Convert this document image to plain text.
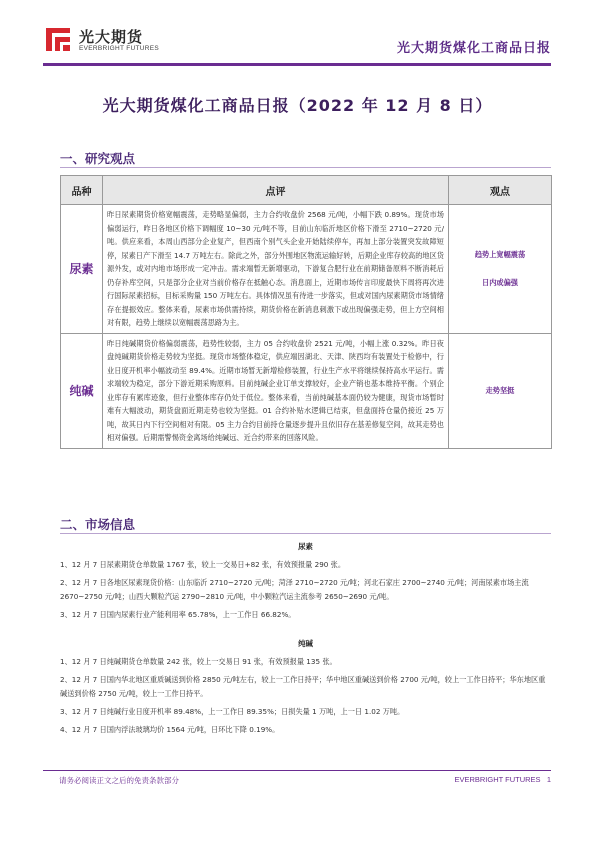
光大期货
EVERBRIGHT FUTURES	光大期货煤化工商品日报
光大期货煤化工商品日报（2022 年 12 月 8 日）
一、研究观点
品种	点评	观点
尿素	昨日尿素期货价格宽幅震荡，走势略显偏弱，主力合约收盘价 2568 元/吨，小幅下跌 0.89%。现货市场偏弱运行，昨日各地区价格下调幅度 10~30 元/吨不等，目前山东临沂地区价格下滑至 2710~2720 元/吨。供应来看，本周山西部分企业复产，但西南个别气头企业开始陆续停车，再加上部分装置突发故障短停，尿素日产下滑至 14.7 万吨左右。除此之外，部分外围地区物流运输好转，后期企业库存较高的地区货源外发，或对内地市场形成一定冲击。需求端暂无新增驱动，下游复合肥行业在前期储备原料不断消耗后仍存补库空间，只是部分企业对当前价格存在抵触心态。消息面上，近期市场传言印度最快下周将再次进行国际尿素招标，目标采购量 150 万吨左右。具体情况虽有待进一步落实，但或对国内尿素期货市场情绪存在提振效应。整体来看，尿素市场供需持续，期货价格在新消息刺激下或出现偏强走势，但上方空间相对有限，趋势上继续以宽幅震荡思路为主。	趋势上宽幅震荡
日内或偏强

纯碱	昨日纯碱期货价格偏弱震荡，趋势性较弱，主力 05 合约收盘价 2521 元/吨，小幅上涨 0.32%。昨日夜盘纯碱期货价格走势较为坚挺。现货市场整体稳定，供应端因湖北、天津、陕西均有装置处于检修中，行业日度开机率小幅波动至 89.4%。近期市场暂无新增检修装置，行业生产水平将继续保持高水平运行。需求端较为稳定，部分下游近期采购原料。目前纯碱企业订单支撑较好，企业产销也基本维持平衡。个别企业库存有累库迹象，但行业整体库存仍处于低位。整体来看，当前纯碱基本面仍较为健康，现货市场暂时难有大幅波动，期货盘面近期走势也较为坚挺。01 合约补贴水逻辑已结束，但盘面持仓量仍接近 25 万吨，故其日内下行空间相对有限。05 主力合约目前持仓量逐步提升且依旧存在基差修复空间，故其走势也相对偏强。后期需警惕资金离场给纯碱远、近合约带来的回落风险。	走势坚挺
二、市场信息
尿素
1、12 月 7 日尿素期货仓单数量 1767 张，较上一交易日+82 张，有效预报量 290 张。
2、12 月 7 日各地区尿素现货价格：山东临沂 2710~2720 元/吨；菏泽 2710~2720 元/吨；河北石家庄 2700~2740 元/吨；河南尿素市场主流 2670~2750 元/吨；山西大颗粒汽运 2790~2810 元/吨，中小颗粒汽运主流参考 2650~2690 元/吨。
3、12 月 7 日国内尿素行业产能利用率 65.78%，上一工作日 66.82%。
纯碱
1、12 月 7 日纯碱期货仓单数量 242 张，较上一交易日 91 张，有效预报量 135 张。
2、12 月 7 日国内华北地区重质碱送到价格 2850 元/吨左右，较上一工作日持平；华中地区重碱送到价格 2700 元/吨，较上一工作日持平；华东地区重碱送到价格 2750 元/吨，较上一工作日持平。
3、12 月 7 日纯碱行业日度开机率 89.48%，上一工作日 89.35%；日损失量 1 万吨，上一日 1.02 万吨。
4、12 月 7 日国内浮法玻璃均价 1564 元/吨，日环比下降 0.19%。
请务必阅读正文之后的免责条款部分	EVERBRIGHT FUTURES 1
